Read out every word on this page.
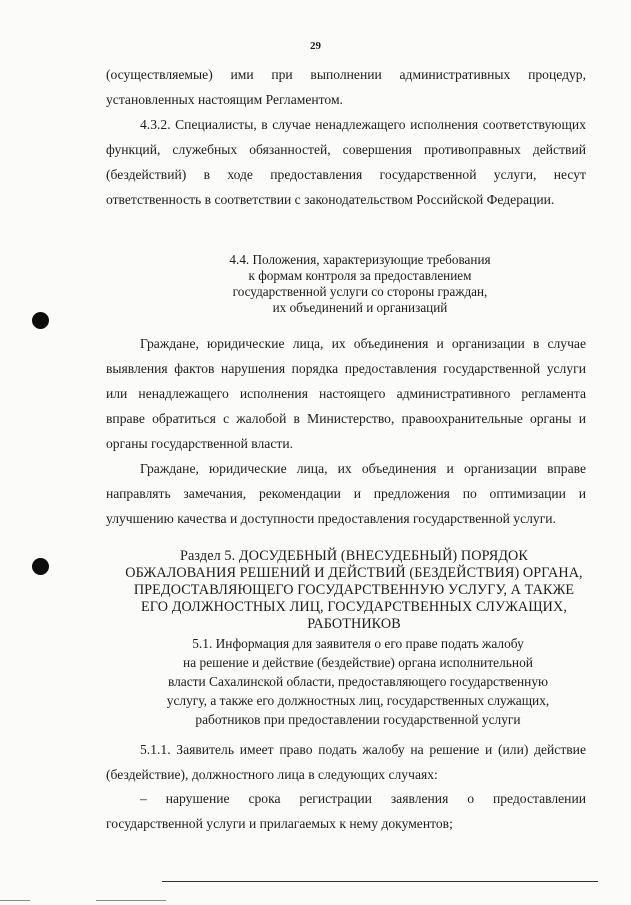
29
(осуществляемые) ими при выполнении административных процедур, установленных настоящим Регламентом.
4.3.2. Специалисты, в случае ненадлежащего исполнения соответствующих функций, служебных обязанностей, совершения противоправных действий (бездействий) в ходе предоставления государственной услуги, несут ответственность в соответствии с законодательством Российской Федерации.
4.4. Положения, характеризующие требования
к формам контроля за предоставлением
государственной услуги со стороны граждан,
их объединений и организаций
Граждане, юридические лица, их объединения и организации в случае выявления фактов нарушения порядка предоставления государственной услуги или ненадлежащего исполнения настоящего административного регламента вправе обратиться с жалобой в Министерство, правоохранительные органы и органы государственной власти.
Граждане, юридические лица, их объединения и организации вправе направлять замечания, рекомендации и предложения по оптимизации и улучшению качества и доступности предоставления государственной услуги.
Раздел 5. ДОСУДЕБНЫЙ (ВНЕСУДЕБНЫЙ) ПОРЯДОК
ОБЖАЛОВАНИЯ РЕШЕНИЙ И ДЕЙСТВИЙ (БЕЗДЕЙСТВИЯ) ОРГАНА,
ПРЕДОСТАВЛЯЮЩЕГО ГОСУДАРСТВЕННУЮ УСЛУГУ, А ТАКЖЕ
ЕГО ДОЛЖНОСТНЫХ ЛИЦ, ГОСУДАРСТВЕННЫХ СЛУЖАЩИХ,
РАБОТНИКОВ
5.1. Информация для заявителя о его праве подать жалобу
на решение и действие (бездействие) органа исполнительной
власти Сахалинской области, предоставляющего государственную
услугу, а также его должностных лиц, государственных служащих,
работников при предоставлении государственной услуги
5.1.1. Заявитель имеет право подать жалобу на решение и (или) действие (бездействие), должностного лица в следующих случаях:
– нарушение срока регистрации заявления о предоставлении государственной услуги и прилагаемых к нему документов;
